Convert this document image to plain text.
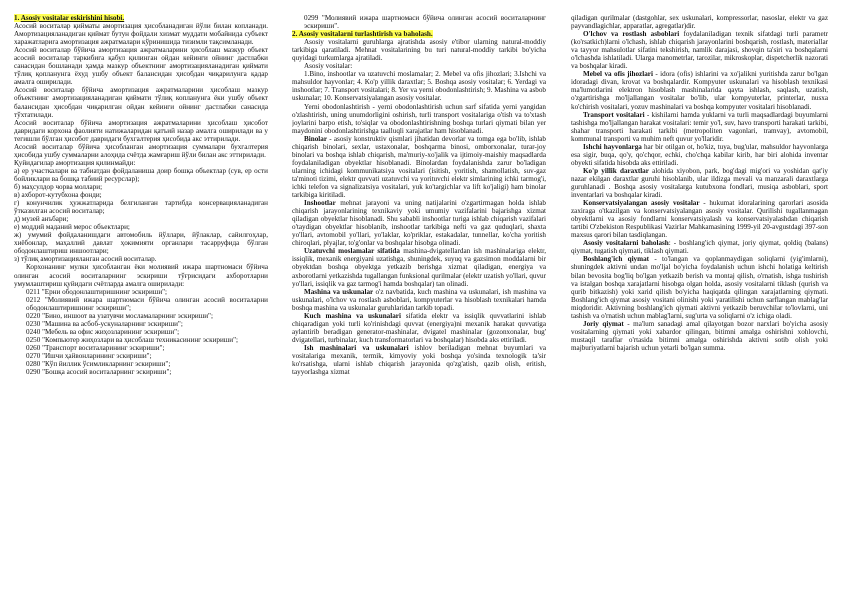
1. Asosiy vositalar eskirishini hisobi.

Асосий воситалар қийматы амортизация ҳисобланадиган йўли билан копланади. Амортизацияланадиган қиймат бутун фойдали хизмат муддати мобайнида субъект харажатларига амортизация ажратмалари кўринишида тизимли тақсимланади.

Асосий воситалар бўйича амортизация ажратмаларини ҳисоблаш мазкур объект асосий воситалар таркибига қабул қилинган ойдан кейинги ойнинг дастлабки санасидан бошланади ҳамда мазкур объектнинг амортизацияланадиган қиймати тўлиқ қопланунга ёхуд ушбу объект балансидан ҳисобдан чиқарилунга қадар амалга оширилади.

Асосий воситалар бўйича амортизация ажратмаларини ҳисоблаш мазкур объектнинг амортизацияланадиган қиймати тўлиқ копланунга ёки ушбу объект балансидан ҳисобдан чиқарилган ойдан кейинги ойнинг дастлабки санасида тўхтатилади.

Асосий воситалар бўйича амортизация ажратмаларини ҳисоблаш ҳисобот давридаги корхона фаолияти натижаларидан қатъий назар амалга оширилади ва у тегишли бўлган ҳисобот давридаги бухгалтерия ҳисобида акс эттирилади.

Асосий воситалар бўйича ҳисобланган амортизация суммалари бухгалтерия ҳисобида ушбу суммаларни алоҳида счётда жамғариш йўли билан акс эттирилади.

Қуйидагилар амортизация қилинмайди:

а) ер участкалари ва табиатдан фойдаланиша доир бошқа объектлар (сув, ер ости бойликлари ва бошқа табиий ресурслар);

б) маҳсулдор чорва моллари;

в) ахборот-кутубхона фонди;

г) конунчилик ҳужжатларида белгиланган тартибда консервацияланадиган ўтказилган асосий воситалар;

д) музей анъбари;

е) моддий маданий мерос объектлари;

ж) умумий фойдаланишдаги автомобиль йўллари, йўлаклар, сайилгоҳлар, хиёбонлар, маҳаллий давлат ҳокимияти органлари тасарруфида бўлган ободонлаштириш иншоотлари;

з) тўлиқ амортизацияланган асосий воситалар.

Корхонанинг мулки ҳисобланган ёки молиявий ижара шартномаси бўйича олинган асосий воситаларнинг эскириши тўғрисидаги ахборотларни умумлаштириш қуйидаги счётларда амалга оширилади:

0211 "Ерни ободонлаштиришнинг эскириши";

0212 "Молиявий ижара шартномаси бўйича олинган асосий воситаларни ободонлаштиришнинг эскириши";

0220 "Бино, иншоот ва узатувчи мосламаларнинг эскириши";

0230 "Машина ва асбоб-ускуналарнинг эскириши";

0240 "Мебель ва офис жиҳозларининг эскириши";

0250 "Компьютер жиҳозлари ва ҳисоблаш техникасининг эскириши";

0260 "Транспорт воситаларининг эскириши";

0270 "Ишчи ҳайвонларининг эскириши";

0280 "Кўп йиллик ўсимликларнинг эскириши";

0290 "Бошқа асосий воситаларнинг эскириши";

0299 "Молиявий ижара шартномаси бўйича олинган асосий воситаларнинг эскириши".

2. Asosiy vositalarni turlashtirish va baholash.

Asosiy vositalarni guruhlarga ajratishda asosiy e'tibor ularning natural-moddiy tarkibiga qaratiladi. Mehnat vositalarining bu turi natural-moddiy tarkibi bo'yicha quyidagi turkumlarga ajratiladi.

Asosiy vositalar:

1.Bino, inshootlar va uzatuvchi moslamalar; 2. Mebel va ofis jihozlari; 3.Ishchi va mahsuldor hayvonlar; 4. Ko'p yillik daraxtlar; 5. Boshqa asosiy vositalar; 6. Yerdagi va inshootlar; 7. Transport vositalari; 8. Yer va yerni obodonlashtirish; 9. Mashina va asbob uskunalar; 10. Konservatsiyalangan asosiy vositalar.

Yerni obodonlashtirish - yerni obodonlashtirish uchun sarf sifatida yerni yangidan o'zlashtirish, uning unumdorligini oshirish, turli transport vositalariga o'tish va to'xtash joylarini barpo etish, to'siqlar va obodonlashtirishning boshqa turlari qiymati bilan yer maydonini obodonlashtirishga taalluqli xarajatlar ham hisoblanadi.

Binolar - asosiy konstruktiv qismlari jihatidan devorlar va tomga ega bo'lib, ishlab chiqarish binolari, sexlar, ustaxonalar, boshqarma binosi, omborxonalar, turar-joy binolari va boshqa ishlab chiqarish, ma'muriy-xo'jalik va ijtimoiy-maishiy maqsadlarda foydalaniladigan obyektlar hisoblanadi. Binolardan foydalanishda zarur bo'ladigan ularning ichidagi kommunikatsiya vositalari (isitish, yoritish, shamollatish, suv-gaz ta'minoti tizimi, elektr quvvati uzatuvchi va yorituvchi elektr simlarining ichki tarmog'i, ichki telefon va signalizatsiya vositalari, yuk ko'targichlar va lift ko'jaligi) ham binolar tarkibiga kiritiladi.

Inshootlar mehnat jarayoni va uning natijalarini o'zgartirmagan holda ishlab chiqarish jarayonlarining texnikaviy yoki umumiy vazifalarini bajarishga xizmat qiladigan obyektlar hisoblanadi. Shu sababli inshootlar turiga ishlab chiqarish vazifalari o'taydigan obyektlar hisoblanib, inshootlar tarkibiga nefti va gaz quduqlari, shaxta yo'llari, avtomobil yo'llari, yo'laklar, ko'priklar, estakadalar, tunnellar, ko'cha yoritish chiroqlari, plyajlar, to'g'onlar va boshqalar hisobga olinadi.

Uzatuvchi moslamalar sifatida mashina-dvigatellardan ish mashinalariga elektr, issiqlik, mexanik energiyani uzatishga, shuningdek, suyuq va gazsimon moddalarni bir obyektdan boshqa obyektga yetkazib berishga xizmat qiladigan, energiya va axborotlarni yetkazishda tugallangan funksional qurilmalar (elektr uzatish yo'llari, quvur yo'llari, issiqlik va gaz tarmog'i hamda boshqalar) tan olinadi.

Mashina va uskunalar o'z navbatida, kuch mashina va uskunalari, ish mashina va uskunalari, o'lchov va rostlash asboblari, kompyuterlar va hisoblash texnikalari hamda boshqa mashina va uskunalar guruhlaridan tarkib topadi.

Kuch mashina va uskunalari sifatida elektr va issiqlik quvvatlarini ishlab chiqaradigan yoki turli ko'rinishdagi quvvat (energiya)ni mexanik harakat quvvatiga aylantirib beradigan generator-mashinalar, dvigatel mashinalar (gozonxonalar, bug' dvigatellari, turbinalar, kuch transformatorlari va boshqalar) hisobda aks ettiriladi.

Ish mashinalari va uskunalari ishlov beriladigan mehnat buyumlari va vositalariga mexanik, termik, kimyoviy yoki boshqa yo'sinda texnologik ta'sir ko'rsatishga, ularni ishlab chiqarish jarayonida qo'zg'atish, qazib olish, eritish, tayyorlashga xizmat

qiladigan qurilmalar (dastgohlar, sex uskunalari, kompressorlar, nasoslar, elektr va gaz payvandlagichlar, apparatlar, agregatlar)dir.

O'lchov va rostlash asboblari foydalaniladigan texnik sifatdagi turli parametr (ko'rsatkich)larni o'lchash, ishlab chiqarish jarayonlarini boshqarish, rostlash, materiallar va tayyor mahsulotlar sifatini tekshirish, namlik darajasi, shovqin ta'siri va boshqalarni o'lchashda ishlatiladi. Ularga manometrlar, tarozilar, mikroskoplar, dispetcherlik nazorati va boshqalar kiradi.

Mebel va ofis jihozlari - idora (ofis) ishlarini va xo'jalikni yuritishda zarur bo'lgan idoradagi divan, krovat va boshqalardir. Kompyuter uskunalari va hisoblash texnikasi ma'lumotlarini elektron hisoblash mashinalarida qayta ishlash, saqlash, uzatish, o'zgartirishga mo'ljallangan vositalar bo'lib, ular kompyuterlar, printerlar, nusxa ko'chirish vositalari, yozuv mashinalari va boshqa kompyuter vositalari hisoblanadi.

Transport vositalari - kishilarni hamda yuklarni va turli maqsadlardagi buyumlarni tashishga mo'ljallangan harakat vositalari: temir yo'l, suv, havo transporti harakati tarkibi, shahar transporti harakati tarkibi (metropoliten vagonlari, tramvay), avtomobil, kommunal transporti va muhim neft quvur yo'llaridir.

Ishchi hayvonlarga har bir otilgan ot, ho'kiz, tuya, bug'ular, mahsuldor hayvonlarga esa sigir, buqa, qo'y, qo'chqor, echki, cho'chqa kabilar kirib, har biri alohida inventar obyekti sifatida hisobda aks ettiriladi.

Ko'p yillik daraxtlar alohida xiyobon, park, bog'dagi mig'ori va yoshidan qat'iy nazar ekilgan daraxtlar guruhi hisoblanib, ular ildizga mevali va manzarali daraxtlarga guruhlanadi . Boshqa asosiy vositalarga kutubxona fondlari, musiqa asboblari, sport inventarlari va boshqalar kiradi.

Konservatsiyalangan asosiy vositalar - hukumat idoralarining qarorlari asosida zaxiraga o'tkazilgan va konservatsiyalangan asosiy vositalar. Qurilishi tugallanmagan obyektlarni va asosiy fondlarni konservatsiyalash va konservatsiyalashdan chiqarish tartibi O'zbekiston Respublikasi Vazirlar Mahkamasining 1999-yil 20-avgustdagi 397-son maxsus qarori bilan tasdiqlangan.

Asosiy vositalarni baholash: - boshlang'ich qiymat, joriy qiymat, qoldiq (balans) qiymat, tugatish qiymati, tiklash qiymati.

Boshlang'ich qiymat - to'langan va qoplanmaydigan soliqlarni (yig'imlarni), shuningdek aktivni undan mo'ljal bo'yicha foydalanish uchun ishchi holatiga keltirish bilan bevosita bog'liq bo'lgan yetkazib berish va montaj qilish, o'rnatish, ishga tushirish va istalgan boshqa xarajatlarni hisobga olgan holda, asosiy vositalarni tiklash (qurish va qurib bitkazish) yoki xarid qilish bo'yicha haqiqatda qilingan xarajatlarning qiymati. Boshlang'ich qiymat asosiy vositani olinishi yoki yaratilishi uchun sarflangan mablag'lar miqdoridir. Aktivning boshlang'ich qiymati aktivni yetkazib beruvchilar to'lovlarni, uni tashish va o'rnatish uchun mablag'larni, sug'urta va soliqlarni o'z ichiga oladi.

Joriy qiymat - ma'lum sanadagi amal qilayotgan bozor narxlari bo'yicha asosiy vositalarning qiymati yoki xabardor qilingan, bitimni amalga oshirishni xohlovchi, mustaqil taraflar o'rtasida bitimni amalga oshirishda aktivni sotib olish yoki majburiyatlarni bajarish uchun yetarli bo'lgan summa.
